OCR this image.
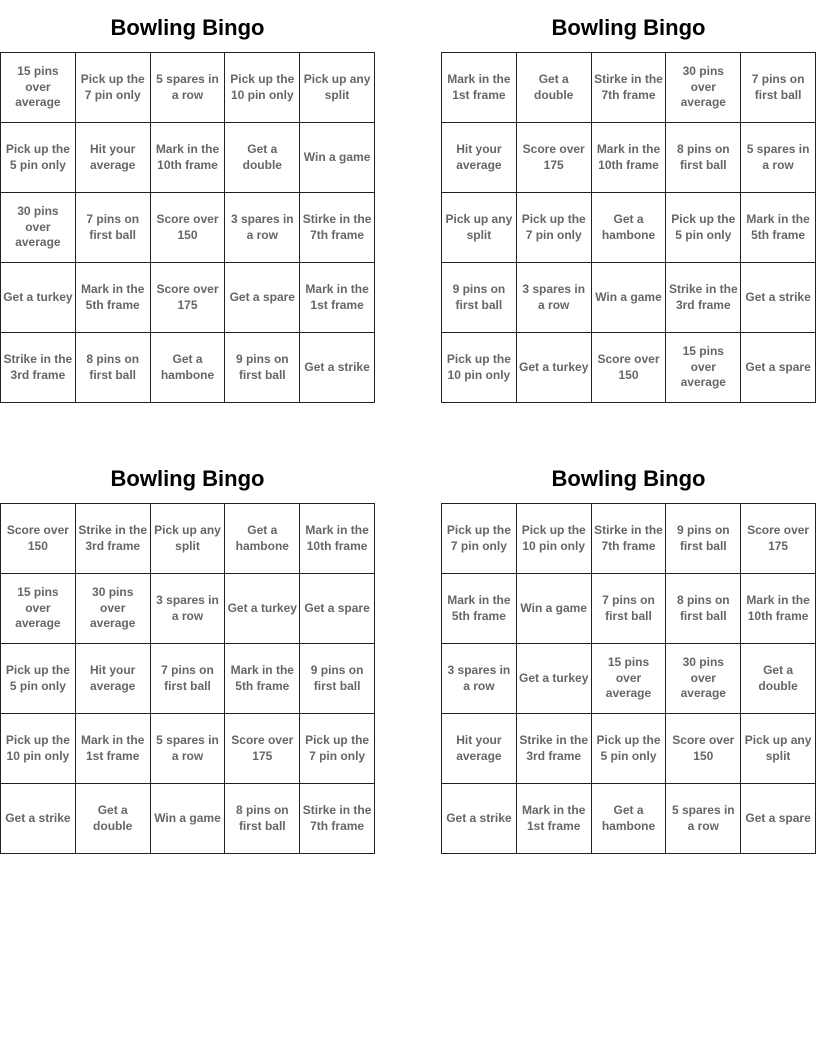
Bowling Bingo
15 pins over average
Pick up the 7 pin only
5 spares in a row
Pick up the 10 pin only
Pick up any split
Pick up the 5 pin only
Hit your average
Mark in the 10th frame
Get a double
Win a game
30 pins over average
7 pins on first ball
Score over 150
3 spares in a row
Stirke in the 7th frame
Get a turkey
Mark in the 5th frame
Score over 175
Get a spare
Mark in the 1st frame
Strike in the 3rd frame
8 pins on first ball
Get a hambone
9 pins on first ball
Get a strike
Bowling Bingo
Mark in the 1st frame
Get a double
Stirke in the 7th frame
30 pins over average
7 pins on first ball
Hit your average
Score over 175
Mark in the 10th frame
8 pins on first ball
5 spares in a row
Pick up any split
Pick up the 7 pin only
Get a hambone
Pick up the 5 pin only
Mark in the 5th frame
9 pins on first ball
3 spares in a row
Win a game
Strike in the 3rd frame
Get a strike
Pick up the 10 pin only
Get a turkey
Score over 150
15 pins over average
Get a spare
Bowling Bingo
Score over 150
Strike in the 3rd frame
Pick up any split
Get a hambone
Mark in the 10th frame
15 pins over average
30 pins over average
3 spares in a row
Get a turkey Get a spare
Pick up the 5 pin only
Hit your average
7 pins on first ball
Mark in the 5th frame
9 pins on first ball
Pick up the 10 pin only
Mark in the 1st frame
5 spares in a row
Score over 175
Pick up the 7 pin only
Get a strike
Get a double
Win a game
8 pins on first ball
Stirke in the 7th frame
Bowling Bingo
Pick up the 7 pin only
Pick up the 10 pin only
Stirke in the 7th frame
9 pins on first ball
Score over 175
Mark in the 5th frame
Win a game
7 pins on first ball
8 pins on first ball
Mark in the 10th frame
3 spares in a row
Get a turkey
15 pins over average
30 pins over average
Get a double
Hit your average
Strike in the 3rd frame
Pick up the 5 pin only
Score over 150
Pick up any split
Get a strike
Mark in the 1st frame
Get a hambone
5 spares in a row
Get a spare
